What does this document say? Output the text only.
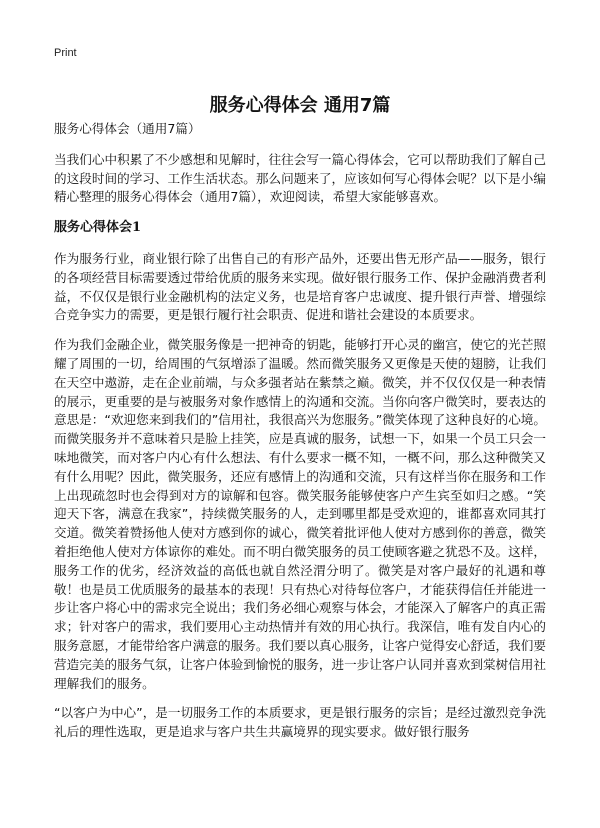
Print
服务心得体会 通用7篇

服务心得体会（通用7篇）

当我们心中积累了不少感想和见解时，往往会写一篇心得体会，它可以帮助我们了解自己的这段时间的学习、工作生活状态。那么问题来了，应该如何写心得体会呢？以下是小编精心整理的服务心得体会（通用7篇），欢迎阅读，希望大家能够喜欢。

服务心得体会1

作为服务行业，商业银行除了出售自己的有形产品外，还要出售无形产品——服务，银行的各项经营目标需要透过带给优质的服务来实现。做好银行服务工作、保护金融消费者利益，不仅仅是银行业金融机构的法定义务，也是培育客户忠诚度、提升银行声誉、增强综合竞争实力的需要，更是银行履行社会职责、促进和谐社会建设的本质要求。

作为我们金融企业，微笑服务像是一把神奇的钥匙，能够打开心灵的幽宫，使它的光芒照耀了周围的一切，给周围的气氛增添了温暖。然而微笑服务又更像是天使的翅膀，让我们在天空中遨游，走在企业前端，与众多强者站在紫禁之巅。微笑，并不仅仅仅是一种表情的展示，更重要的是与被服务对象作感情上的沟通和交流。当你向客户微笑时，要表达的意思是：“欢迎您来到我们的”信用社，我很高兴为您服务。”微笑体现了这种良好的心境。而微笑服务并不意味着只是脸上挂笑，应是真诚的服务，试想一下，如果一个员工只会一味地微笑，而对客户内心有什么想法、有什么要求一概不知，一概不问，那么这种微笑又有什么用呢？因此，微笑服务，还应有感情上的沟通和交流，只有这样当你在服务和工作上出现疏忽时也会得到对方的谅解和包容。微笑服务能够使客户产生宾至如归之感。“笑迎天下客，满意在我家”，持续微笑服务的人，走到哪里都是受欢迎的，谁都喜欢同其打交道。微笑着赞扬他人使对方感到你的诚心，微笑着批评他人使对方感到你的善意，微笑着拒绝他人使对方体谅你的难处。而不明白微笑服务的员工使顾客避之犹恐不及。这样，服务工作的优劣，经济效益的高低也就自然泾渭分明了。微笑是对客户最好的礼遇和尊敬！也是员工优质服务的最基本的表现！只有热心对待每位客户，才能获得信任并能进一步让客户将心中的需求完全说出；我们务必细心观察与体会，才能深入了解客户的真正需求；针对客户的需求，我们要用心主动热情并有效的用心执行。我深信，唯有发自内心的服务意愿，才能带给客户满意的服务。我们要以真心服务，让客户觉得安心舒适，我们要营造完美的服务气氛，让客户体验到愉悦的服务，进一步让客户认同并喜欢到棠树信用社理解我们的服务。

“以客户为中心”，是一切服务工作的本质要求，更是银行服务的宗旨；是经过激烈竞争洗礼后的理性选取，更是追求与客户共生共赢境界的现实要求。做好银行服务
